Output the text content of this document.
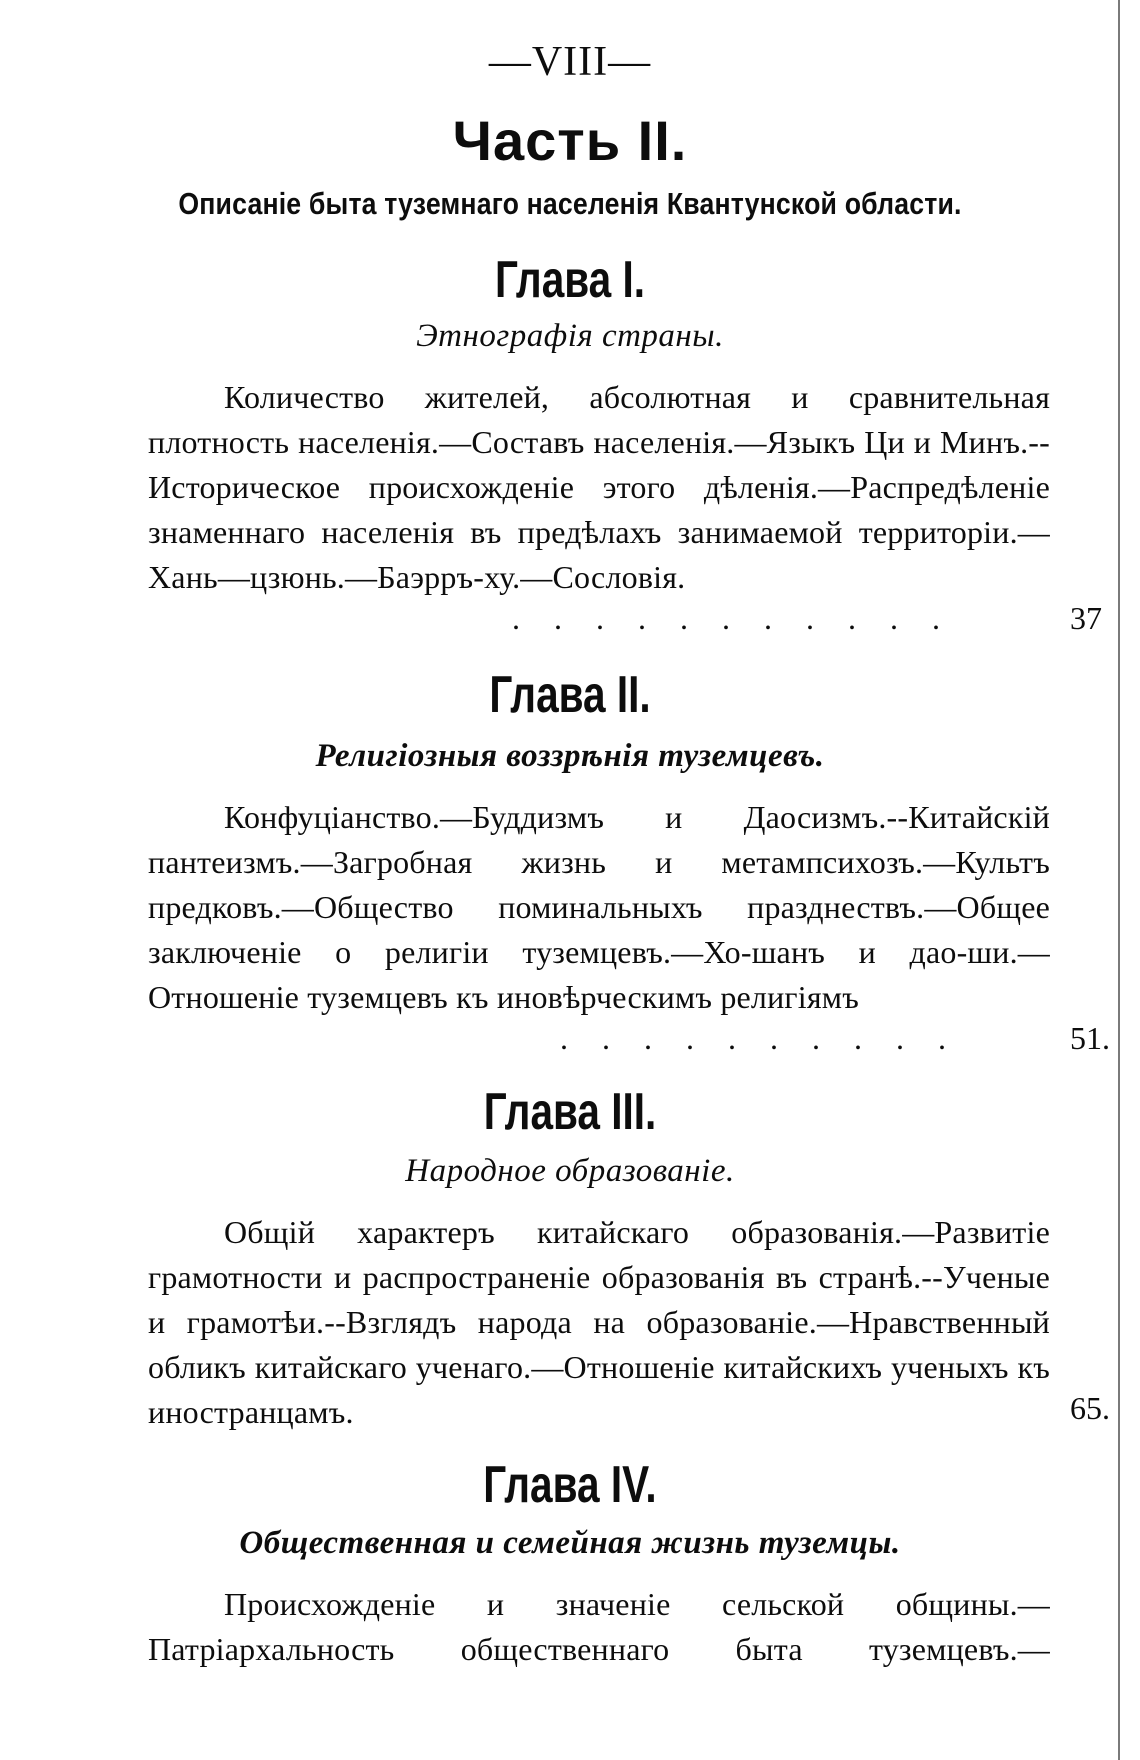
—VIII—
Часть II.
Описаніе быта туземнаго населенія Квантунской области.
Глава I.
Этнографія страны.
Количество жителей, абсолютная и сравнительная плотность населенія.—Составъ населенія.—Языкъ Ци и Минъ.--Историческое происхожденіе этого дѣленія.—Распредѣленіе знаменнаго населенія въ предѣлахъ занимаемой территоріи.—Хань—цзюнь.—Баэрръ-ху.—Сословія.
. . . . . . . . . . .	37
Глава II.
Религіозныя воззрѣнія туземцевъ.
Конфуціанство.—Буддизмъ и Даосизмъ.--Китайскій пантеизмъ.—Загробная жизнь и метампсихозъ.—Культъ предковъ.—Общество поминальныхъ празднествъ.—Общее заключеніе о религіи туземцевъ.—Хо-шанъ и дао-ши.—Отношеніе туземцевъ къ иновѣрческимъ религіямъ
. . . . . . . . . .	51.
Глава III.
Народное образованіе.
Общій характеръ китайскаго образованія.—Развитіе грамотности и распространеніе образованія въ странѣ.--Ученые и грамотѣи.--Взглядъ народа на образованіе.—Нравственный обликъ китайскаго ученаго.—Отношеніе китайскихъ ученыхъ къ иностранцамъ.	65.
Глава IV.
Общественная и семейная жизнь туземцы.
Происхожденіе и значеніе сельской общины.—Патріархальность общественнаго быта туземцевъ.—
